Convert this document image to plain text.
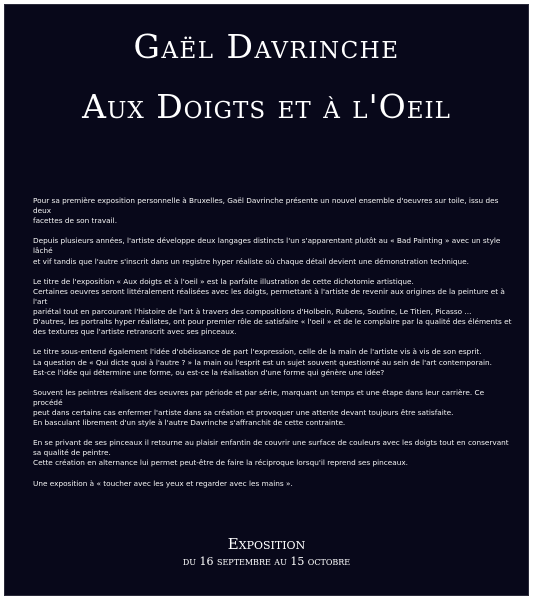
Gaël Davrinche
Aux Doigts et à l'Oeil

Pour sa première exposition personnelle à Bruxelles, Gaël Davrinche présente un nouvel ensemble d'oeuvres sur toile, issu des deux
facettes de son travail.

Depuis plusieurs années, l'artiste développe deux langages distincts l'un s'apparentant plutôt au « Bad Painting » avec un style lâché
et vif tandis que l'autre s'inscrit dans un registre hyper réaliste où chaque détail devient une démonstration technique.

Le titre de l'exposition « Aux doigts et à l'oeil » est la parfaite illustration de cette dichotomie artistique.
Certaines oeuvres seront littéralement réalisées avec les doigts, permettant à l'artiste de revenir aux origines de la peinture et à l'art
pariétal tout en parcourant l'histoire de l'art à travers des compositions d'Holbein, Rubens, Soutine, Le Titien, Picasso ...
D'autres, les portraits hyper réalistes, ont pour premier rôle de satisfaire « l'oeil » et de le complaire par la qualité des éléments et
des textures que l'artiste retranscrit avec ses pinceaux.

Le titre sous-entend également l'idée d'obéissance de part l'expression, celle de la main de l'artiste vis à vis de son esprit.
La question de « Qui dicte quoi à l'autre ? » la main ou l'esprit est un sujet souvent questionné au sein de l'art contemporain.
Est-ce l'idée qui détermine une forme, ou est-ce la réalisation d'une forme qui génère une idée?

Souvent les peintres réalisent des oeuvres par période et par série, marquant un temps et une étape dans leur carrière. Ce procédé
peut dans certains cas enfermer l'artiste dans sa création et provoquer une attente devant toujours être satisfaite.
En basculant librement d'un style à l'autre Davrinche s'affranchit de cette contrainte.

En se privant de ses pinceaux il retourne au plaisir enfantin de couvrir une surface de couleurs avec les doigts tout en conservant
sa qualité de peintre.
Cette création en alternance lui permet peut-être de faire la réciproque lorsqu'il reprend ses pinceaux.

Une exposition à « toucher avec les yeux et regarder avec les mains ».

Exposition
du 16 septembre au 15 octobre
